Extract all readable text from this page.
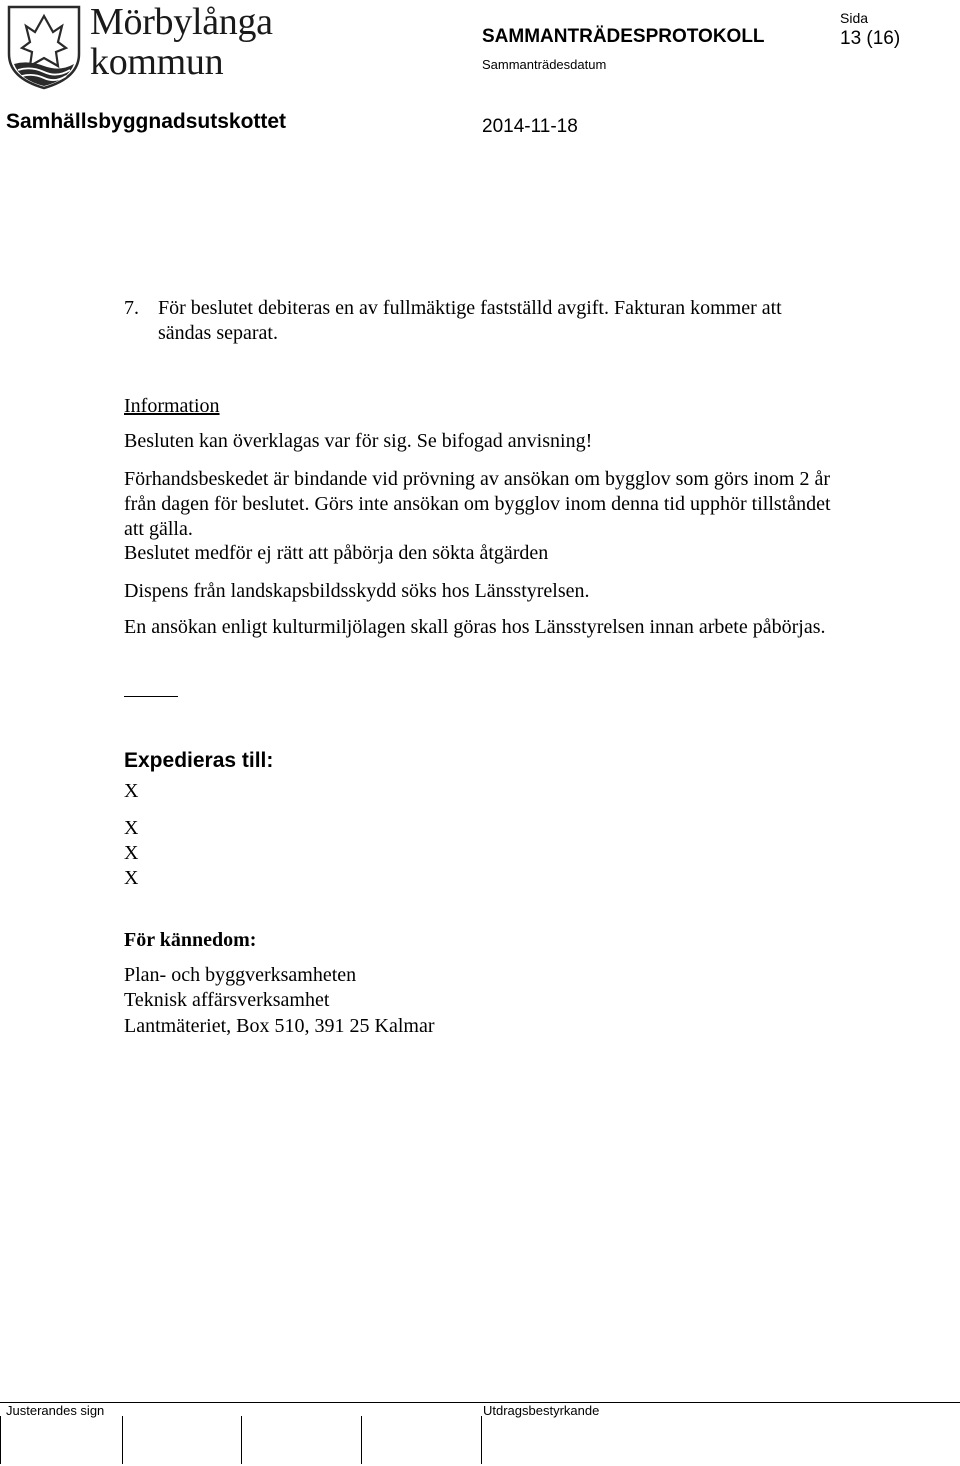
Mörbylånga
kommun
SAMMANTRÄDESPROTOKOLL
Sida
13 (16)
Sammanträdesdatum
Samhällsbyggnadsutskottet	2014-11-18
7. För beslutet debiteras en av fullmäktige fastställd avgift. Fakturan kommer att sändas separat.
Information
Besluten kan överklagas var för sig. Se bifogad anvisning!
Förhandsbeskedet är bindande vid prövning av ansökan om bygglov som görs inom 2 år från dagen för beslutet. Görs inte ansökan om bygglov inom denna tid upphör tillståndet att gälla.
Beslutet medför ej rätt att påbörja den sökta åtgärden
Dispens från landskapsbildsskydd söks hos Länsstyrelsen.
En ansökan enligt kulturmiljölagen skall göras hos Länsstyrelsen innan arbete påbörjas.
Expedieras till:
X
X
X
X
För kännedom:
Plan- och byggverksamheten
Teknisk affärsverksamhet
Lantmäteriet, Box 510, 391 25 Kalmar
Justerandes sign	Utdragsbestyrkande
